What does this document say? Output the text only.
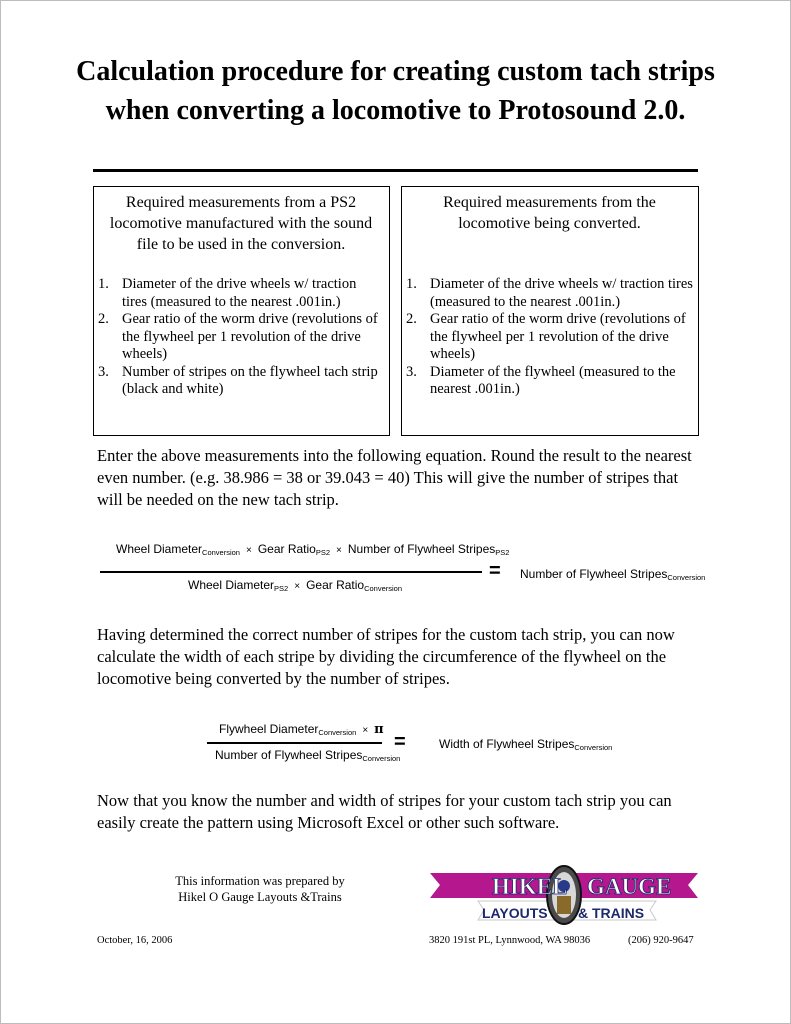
Calculation procedure for creating custom tach strips when converting a locomotive to Protosound 2.0.
Required measurements from a PS2 locomotive manufactured with the sound file to be used in the conversion.
1. Diameter of the drive wheels w/ traction tires (measured to the nearest .001in.)
2. Gear ratio of the worm drive (revolutions of the flywheel per 1 revolution of the drive wheels)
3. Number of stripes on the flywheel tach strip (black and white)
Required measurements from the locomotive being converted.
1. Diameter of the drive wheels w/ traction tires (measured to the nearest .001in.)
2. Gear ratio of the worm drive (revolutions of the flywheel per 1 revolution of the drive wheels)
3. Diameter of the flywheel (measured to the nearest .001in.)
Enter the above measurements into the following equation. Round the result to the nearest even number. (e.g. 38.986 = 38 or 39.043 = 40) This will give the number of stripes that will be needed on the new tach strip.
Wheel Diameter$_{Conversion}$ × Gear Ratio$_{PS2}$ × Number of Flywheel Stripes$_{PS2}$
Wheel Diameter$_{PS2}$ × Gear Ratio$_{Conversion}$
= Number of Flywheel Stripes$_{Conversion}$
Having determined the correct number of stripes for the custom tach strip, you can now calculate the width of each stripe by dividing the circumference of the flywheel on the locomotive being converted by the number of stripes.
Flywheel Diameter$_{Conversion}$ × π
Number of Flywheel Stripes$_{Conversion}$
=	Width of Flywheel Stripes$_{Conversion}$
Now that you know the number and width of stripes for your custom tach strip you can easily create the pattern using Microsoft Excel or other such software.
This information was prepared by
Hikel O Gauge Layouts &Trains	HIKEL GAUGE
LAYOUTS & TRAINS
October, 16, 2006	3820 191st PL, Lynnwood, WA 98036	(206) 920-9647
